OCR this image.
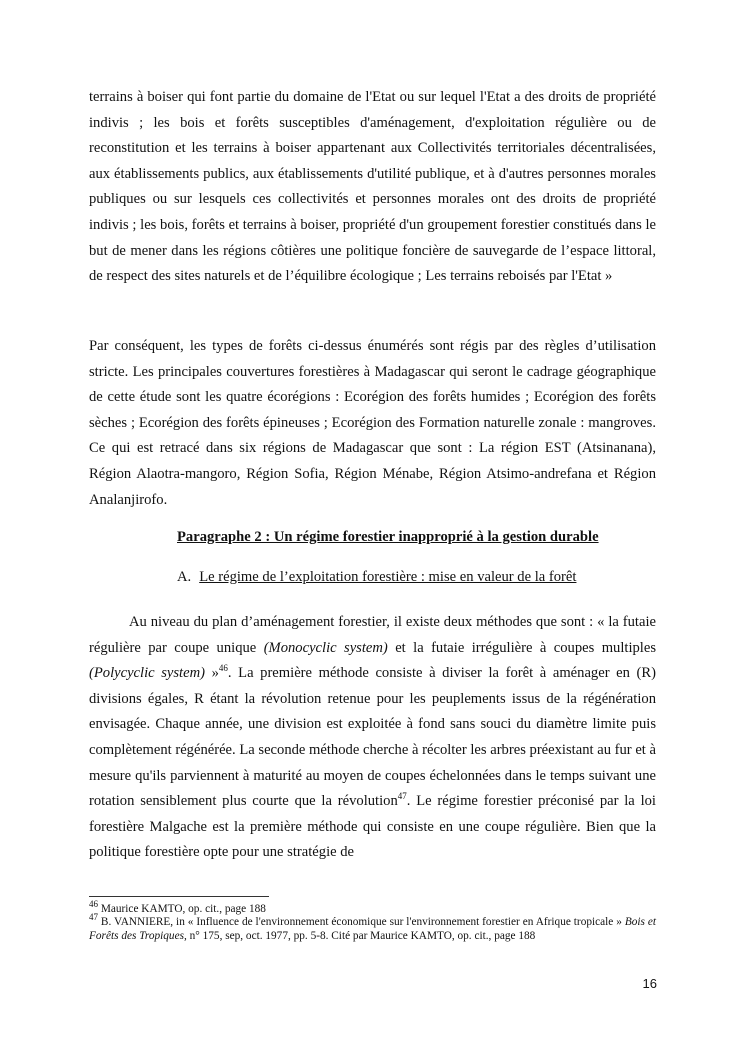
terrains à boiser qui font partie du domaine de l'Etat ou sur lequel l'Etat a des droits de propriété indivis ; les bois et forêts susceptibles d'aménagement, d'exploitation régulière ou de reconstitution et les terrains à boiser appartenant aux Collectivités territoriales décentralisées, aux établissements publics, aux établissements d'utilité publique, et à d'autres personnes morales publiques ou sur lesquels ces collectivités et personnes morales ont des droits de propriété indivis ; les bois, forêts et terrains à boiser, propriété d'un groupement forestier constitués dans le but de mener dans les régions côtières une politique foncière de sauvegarde de l’espace littoral, de respect des sites naturels et de l’équilibre écologique ; Les terrains reboisés par l'Etat »

Par conséquent, les types de forêts ci-dessus énumérés sont régis par des règles d’utilisation stricte. Les principales couvertures forestières à Madagascar qui seront le cadrage géographique de cette étude sont les quatre écorégions : Ecorégion des forêts humides ; Ecorégion des forêts sèches ; Ecorégion des forêts épineuses ; Ecorégion des Formation naturelle zonale : mangroves. Ce qui est retracé dans six régions de Madagascar que sont : La région EST (Atsinanana), Région Alaotra-mangoro, Région Sofia, Région Ménabe, Région Atsimo-andrefana et Région Analanjirofo.

Paragraphe 2 : Un régime forestier inapproprié à la gestion durable

A. Le régime de l’exploitation forestière : mise en valeur de la forêt

Au niveau du plan d’aménagement forestier, il existe deux méthodes que sont : « la futaie régulière par coupe unique (Monocyclic system) et la futaie irrégulière à coupes multiples (Polycyclic system) »$^{46}$. La première méthode consiste à diviser la forêt à aménager en (R) divisions égales, R étant la révolution retenue pour les peuplements issus de la régénération envisagée. Chaque année, une division est exploitée à fond sans souci du diamètre limite puis complètement régénérée. La seconde méthode cherche à récolter les arbres préexistant au fur et à mesure qu'ils parviennent à maturité au moyen de coupes échelonnées dans le temps suivant une rotation sensiblement plus courte que la révolution$^{47}$. Le régime forestier préconisé par la loi forestière Malgache est la première méthode qui consiste en une coupe régulière. Bien que la politique forestière opte pour une stratégie de

$^{46}$ Maurice KAMTO, op. cit., page 188

$^{47}$ B. VANNIERE, in « Influence de l'environnement économique sur l'environnement forestier en Afrique tropicale » Bois et Forêts des Tropiques, n° 175, sep, oct. 1977, pp. 5-8. Cité par Maurice KAMTO, op. cit., page 188

16
